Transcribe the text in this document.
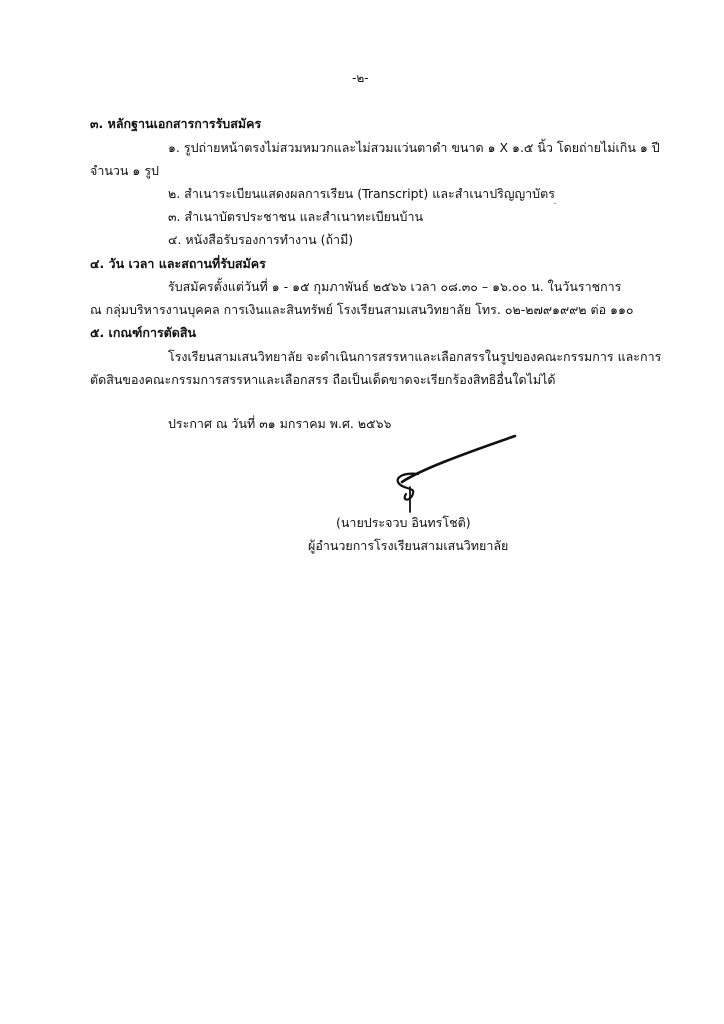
-๒-
๓. หลักฐานเอกสารการรับสมัคร
๑. รูปถ่ายหน้าตรงไม่สวมหมวกและไม่สวมแว่นตาดำ ขนาด ๑ X ๑.๕ นิ้ว โดยถ่ายไม่เกิน ๑ ปี
จำนวน ๑ รูป
๒. สำเนาระเบียนแสดงผลการเรียน (Transcript) และสำเนาปริญญาบัตร
๓. สำเนาบัตรประชาชน และสำเนาทะเบียนบ้าน
๔. หนังสือรับรองการทำงาน (ถ้ามี)
๔. วัน เวลา และสถานที่รับสมัคร
รับสมัครตั้งแต่วันที่ ๑ - ๑๕ กุมภาพันธ์ ๒๕๖๖ เวลา ๐๘.๓๐ – ๑๖.๐๐ น. ในวันราชการ
ณ กลุ่มบริหารงานบุคคล การเงินและสินทรัพย์ โรงเรียนสามเสนวิทยาลัย โทร. ๐๒-๒๗๙๑๙๙๒ ต่อ ๑๑๐
๕. เกณฑ์การตัดสิน
โรงเรียนสามเสนวิทยาลัย จะดำเนินการสรรหาและเลือกสรรในรูปของคณะกรรมการ และการ
ตัดสินของคณะกรรมการสรรหาและเลือกสรร ถือเป็นเด็ดขาดจะเรียกร้องสิทธิอื่นใดไม่ได้
ประกาศ ณ วันที่ ๓๑ มกราคม พ.ศ. ๒๕๖๖
(นายประจวบ อินทรโชติ)
ผู้อำนวยการโรงเรียนสามเสนวิทยาลัย
